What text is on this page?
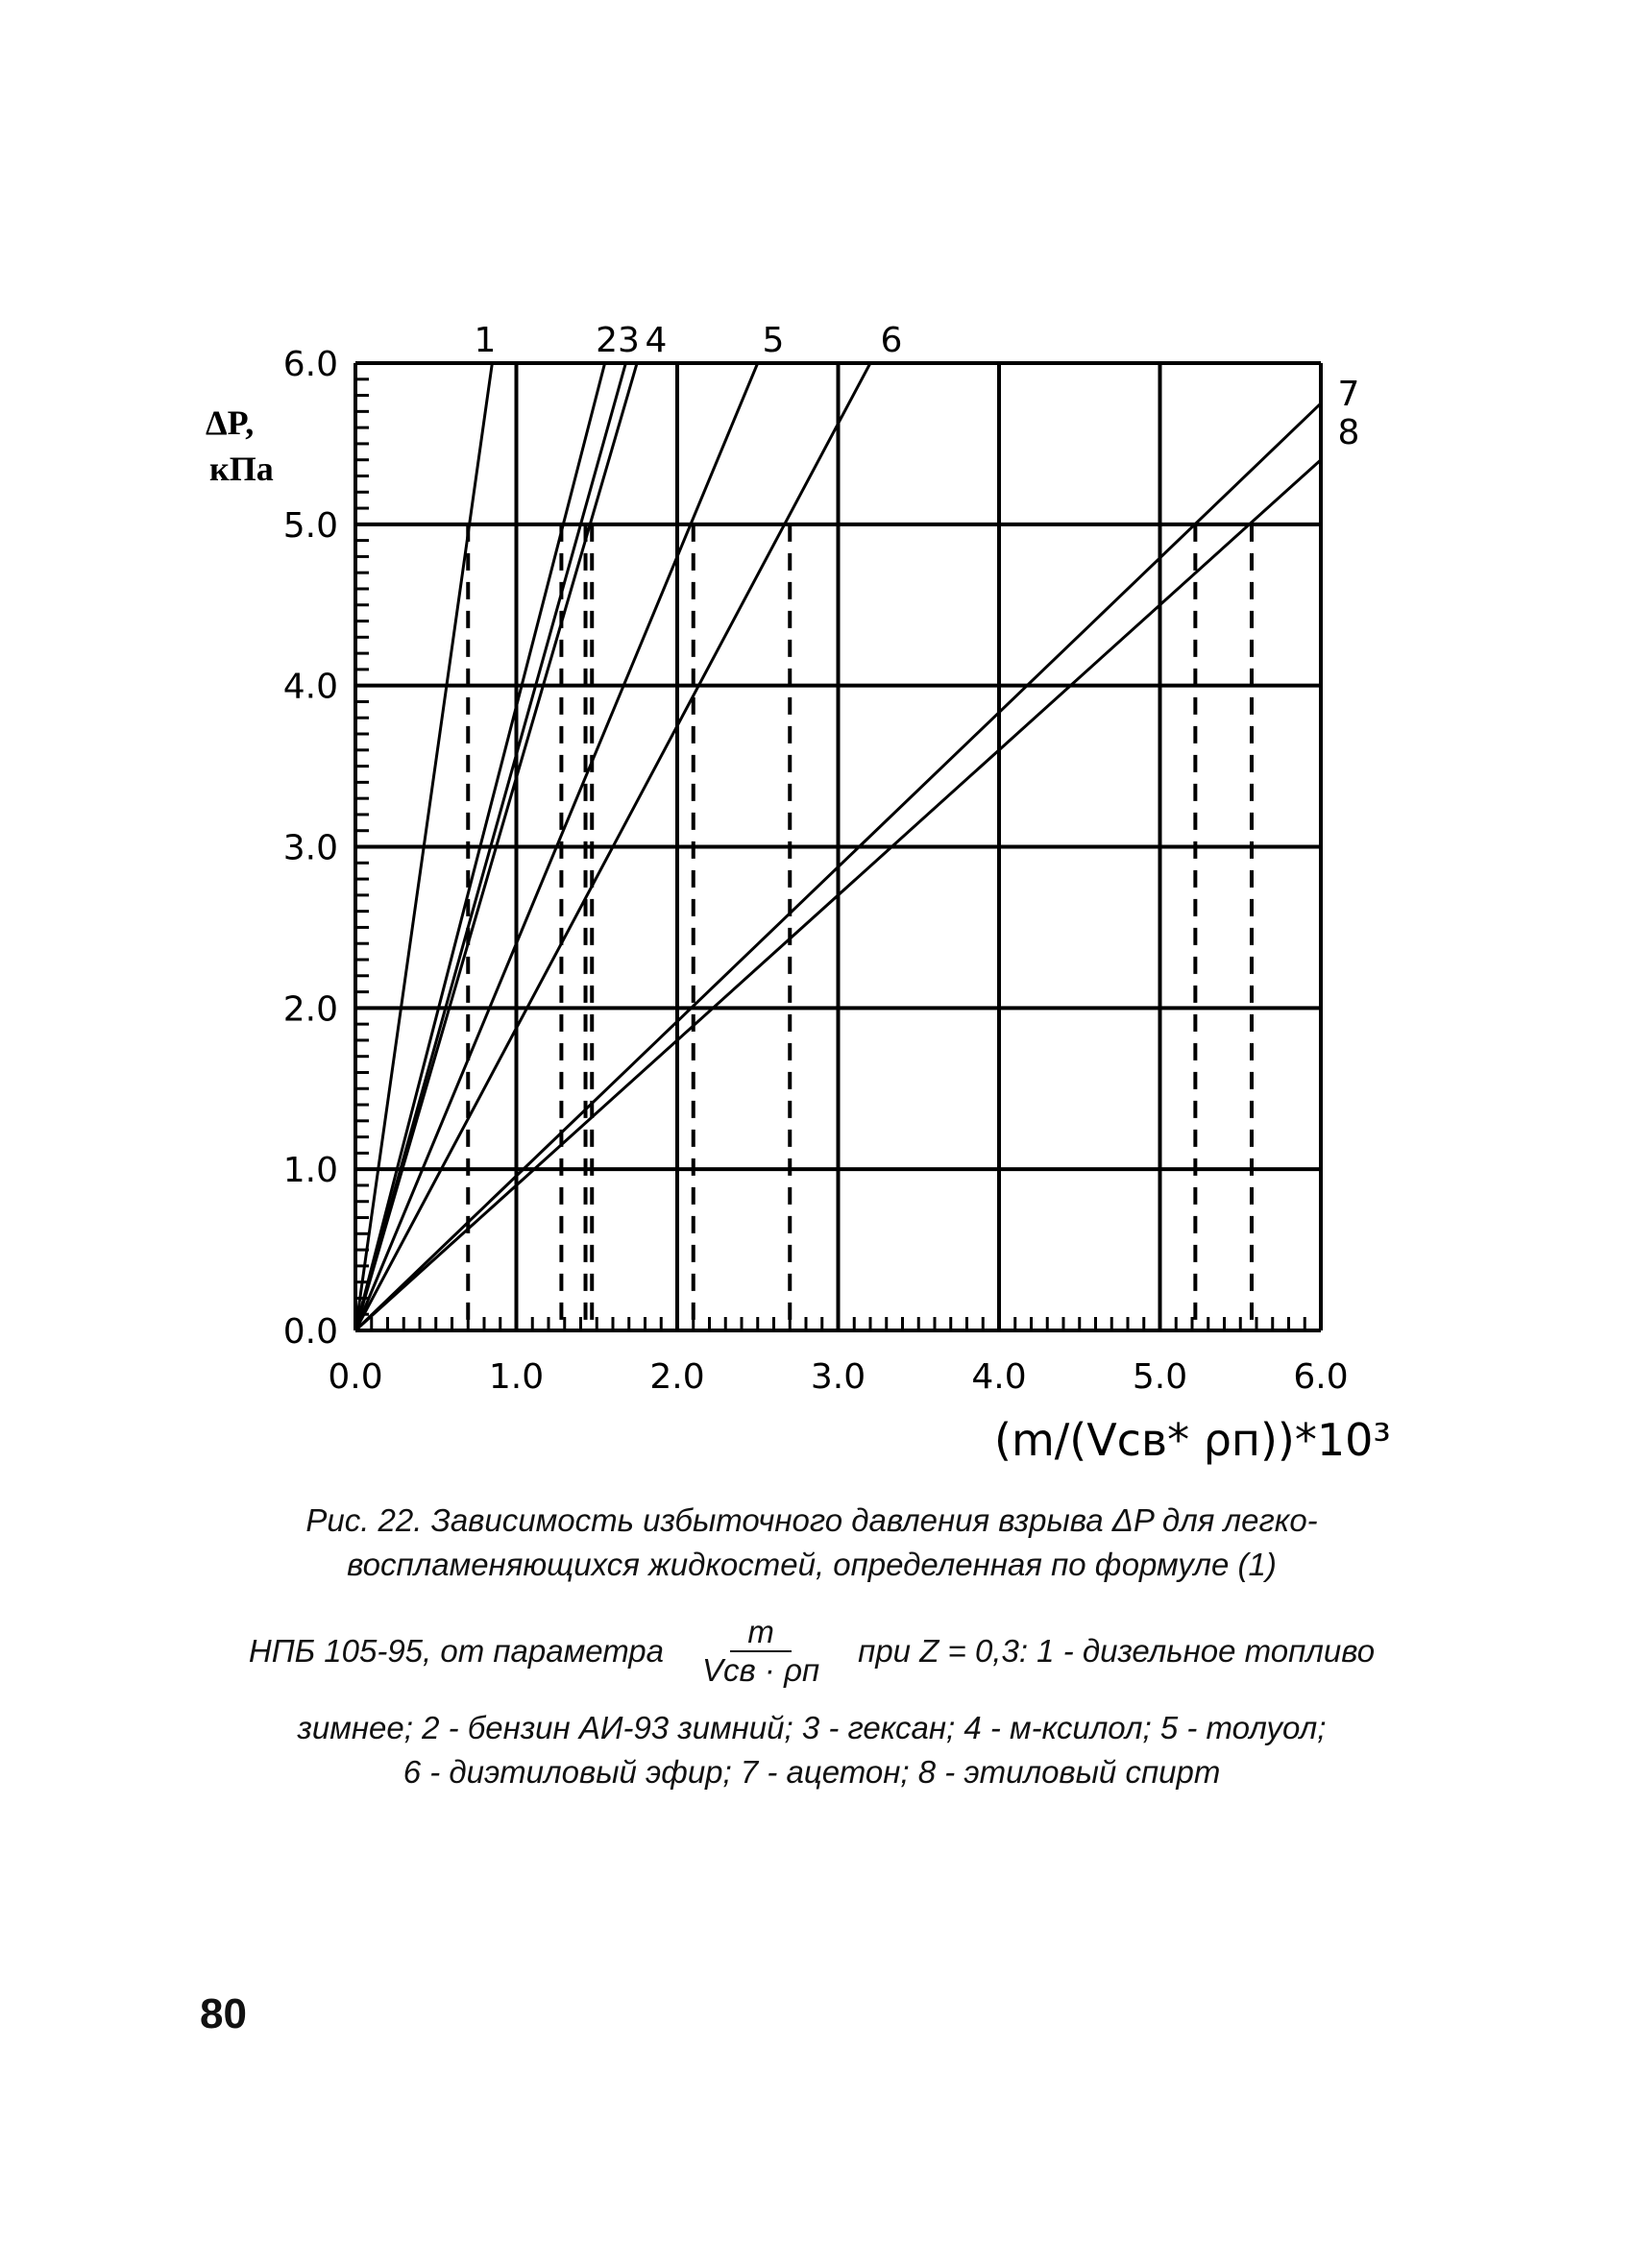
0.0	1.0	2.0	3.0	4.0	5.0	6.0
0.0
1.0
2.0
3.0
4.0
5.0
6.0
1	23 4	5	6
7
8
ΔP,
кПа
(m/(Vсв* ρп))*10³
Рис. 22. Зависимость избыточного давления взрыва ΔP для легко-
воспламеняющихся жидкостей, определенная по формуле (1)
НПБ 105-95, от параметра $\frac{m}{\text{Vсв · ρп}}$ при Z = 0,3: 1 - дизельное топливо
зимнее; 2 - бензин АИ-93 зимний; 3 - гексан; 4 - м-ксилол; 5 - толуол;
6 - диэтиловый эфир; 7 - ацетон; 8 - этиловый спирт
80
